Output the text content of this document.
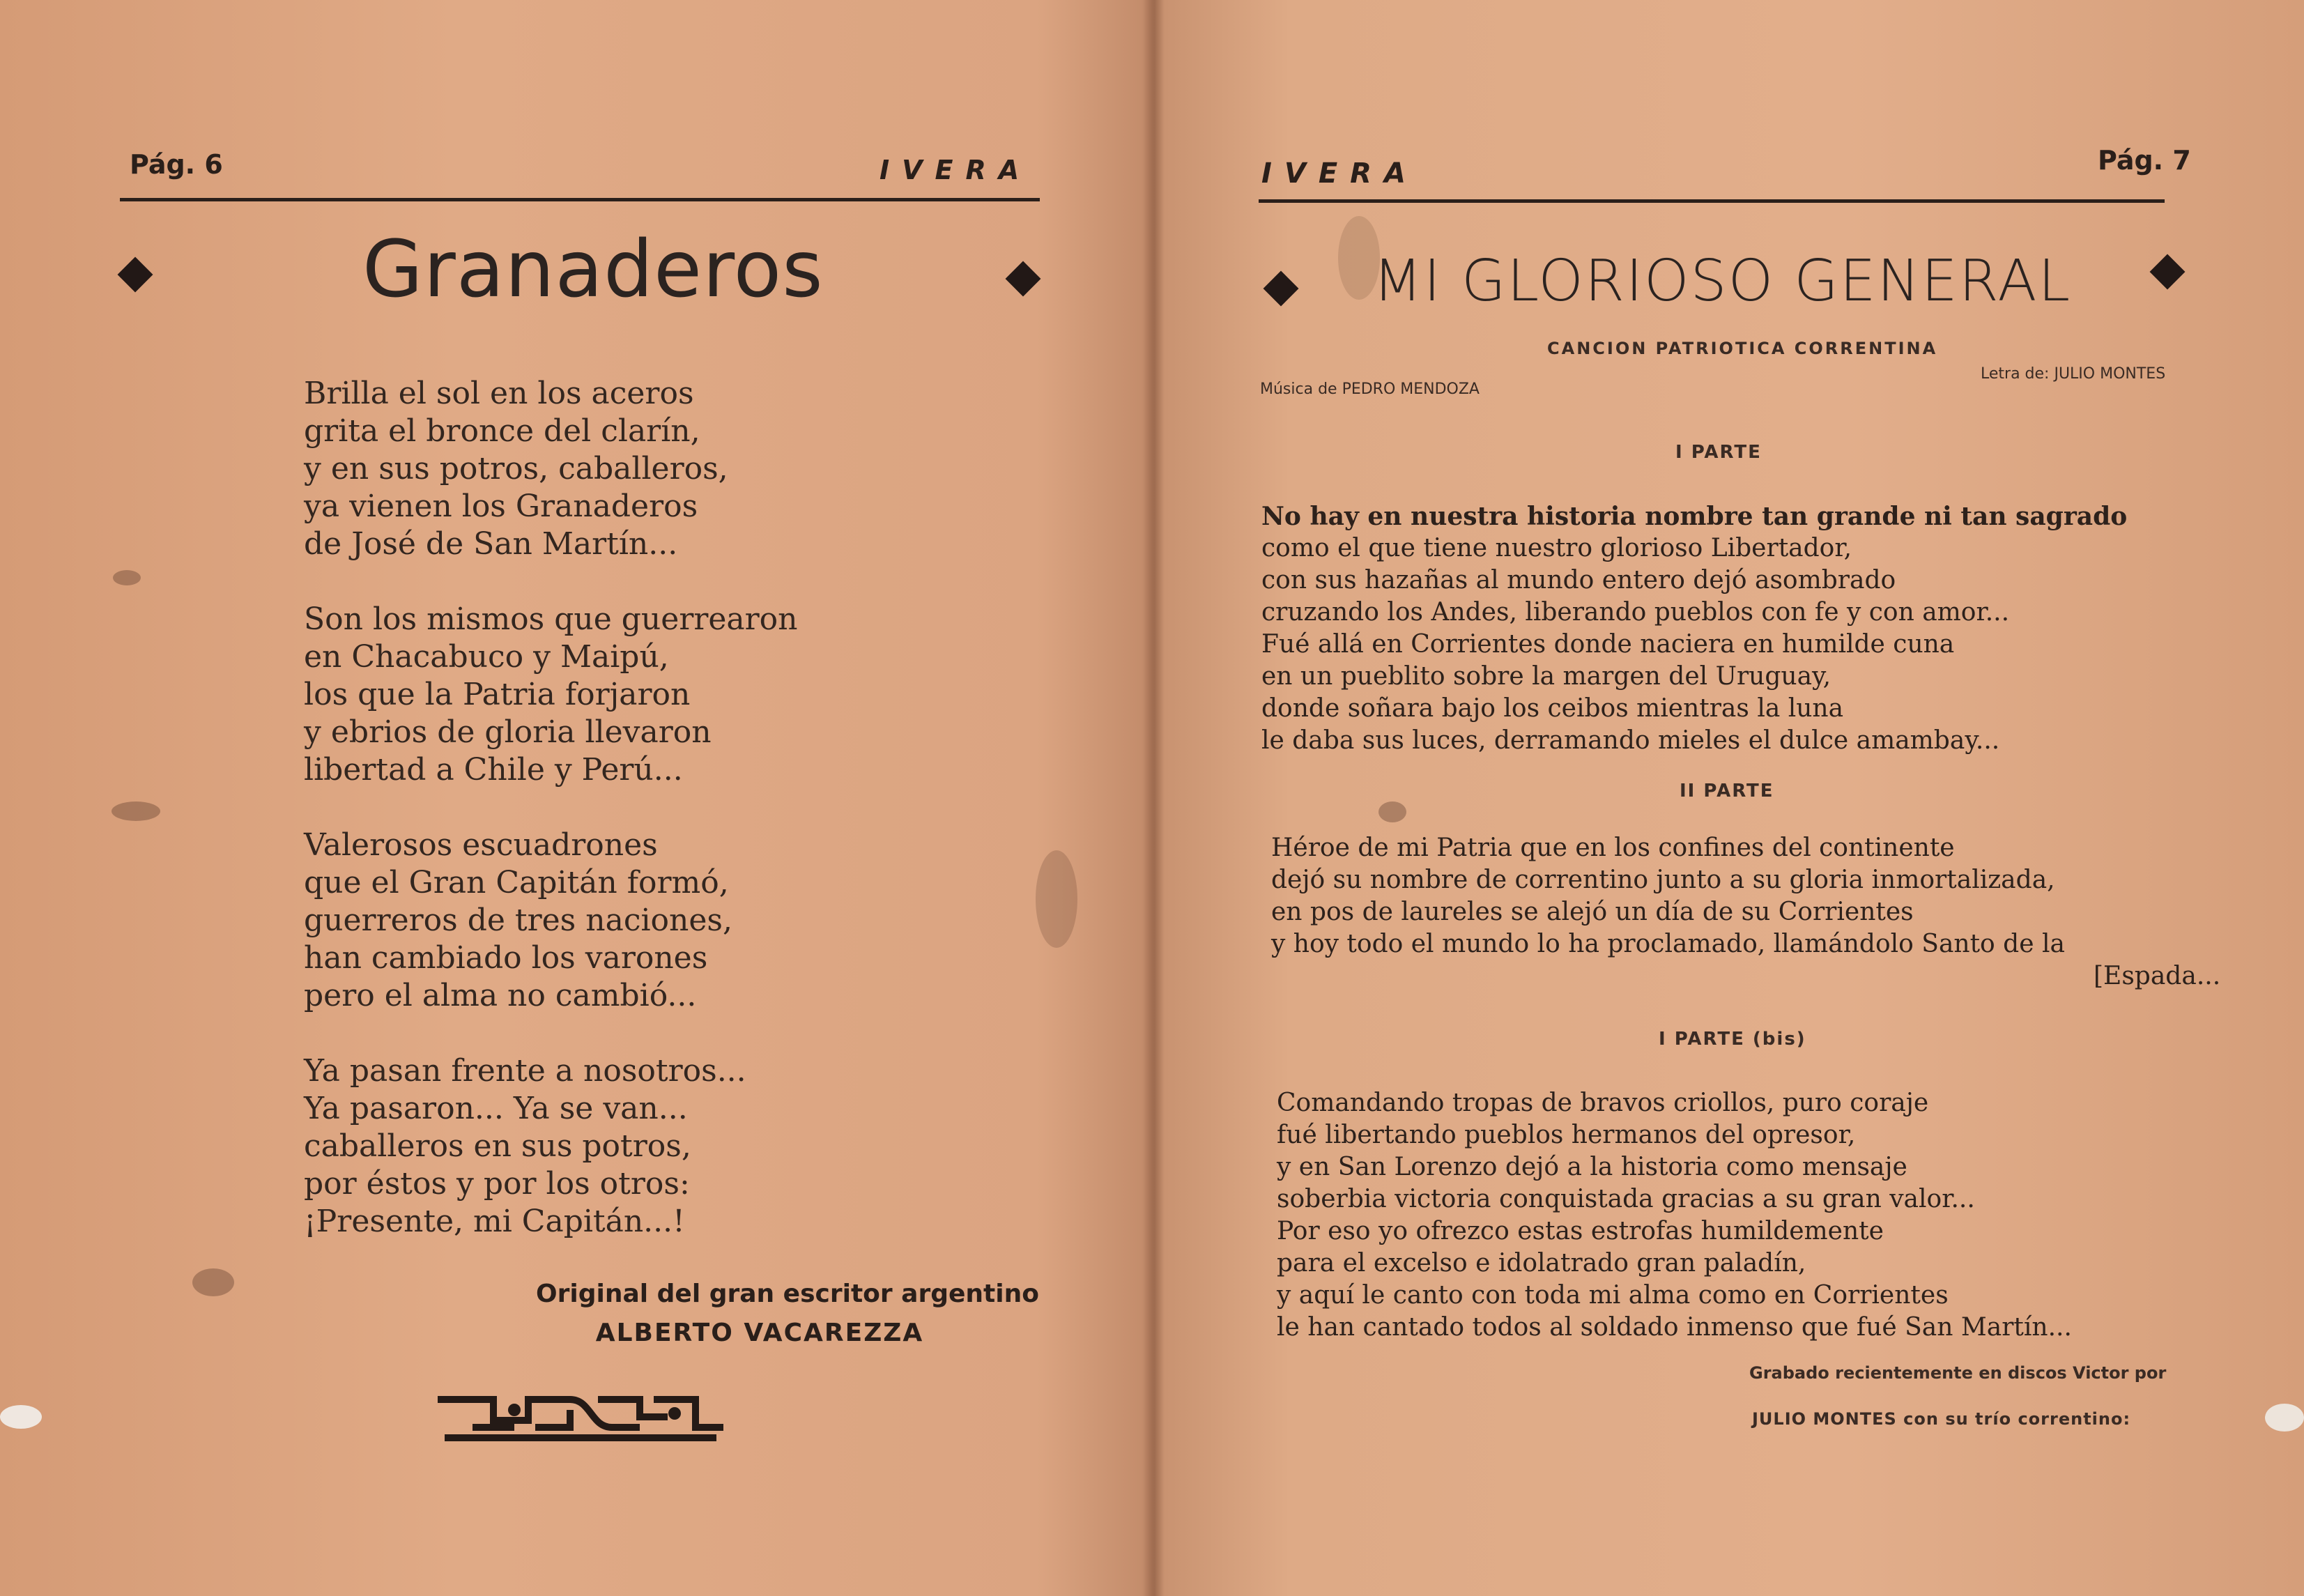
Pág. 6	IVERA
Granaderos
Brilla el sol en los aceros
grita el bronce del clarín,
y en sus potros, caballeros,
ya vienen los Granaderos
de José de San Martín...
Son los mismos que guerrearon
en Chacabuco y Maipú,
los que la Patria forjaron
y ebrios de gloria llevaron
libertad a Chile y Perú...
Valerosos escuadrones
que el Gran Capitán formó,
guerreros de tres naciones,
han cambiado los varones
pero el alma no cambió...
Ya pasan frente a nosotros...
Ya pasaron... Ya se van...
caballeros en sus potros,
por éstos y por los otros:
¡Presente, mi Capitán...!
Original del gran escritor argentino
ALBERTO VACAREZZA
IVERA	Pág. 7
MI GLORIOSO GENERAL
CANCION PATRIOTICA CORRENTINA
Música de PEDRO MENDOZA
Letra de: JULIO MONTES
I PARTE
No hay en nuestra historia nombre tan grande ni tan sagrado
como el que tiene nuestro glorioso Libertador,
con sus hazañas al mundo entero dejó asombrado
cruzando los Andes, liberando pueblos con fe y con amor...
Fué allá en Corrientes donde naciera en humilde cuna
en un pueblito sobre la margen del Uruguay,
donde soñara bajo los ceibos mientras la luna
le daba sus luces, derramando mieles el dulce amambay...
II PARTE
Héroe de mi Patria que en los confines del continente
dejó su nombre de correntino junto a su gloria inmortalizada,
en pos de laureles se alejó un día de su Corrientes
y hoy todo el mundo lo ha proclamado, llamándolo Santo de la
[Espada...
I PARTE (bis)
Comandando tropas de bravos criollos, puro coraje
fué libertando pueblos hermanos del opresor,
y en San Lorenzo dejó a la historia como mensaje
soberbia victoria conquistada gracias a su gran valor...
Por eso yo ofrezco estas estrofas humildemente
para el excelso e idolatrado gran paladín,
y aquí le canto con toda mi alma como en Corrientes
le han cantado todos al soldado inmenso que fué San Martín...
Grabado recientemente en discos Victor por
JULIO MONTES con su trío correntino:
